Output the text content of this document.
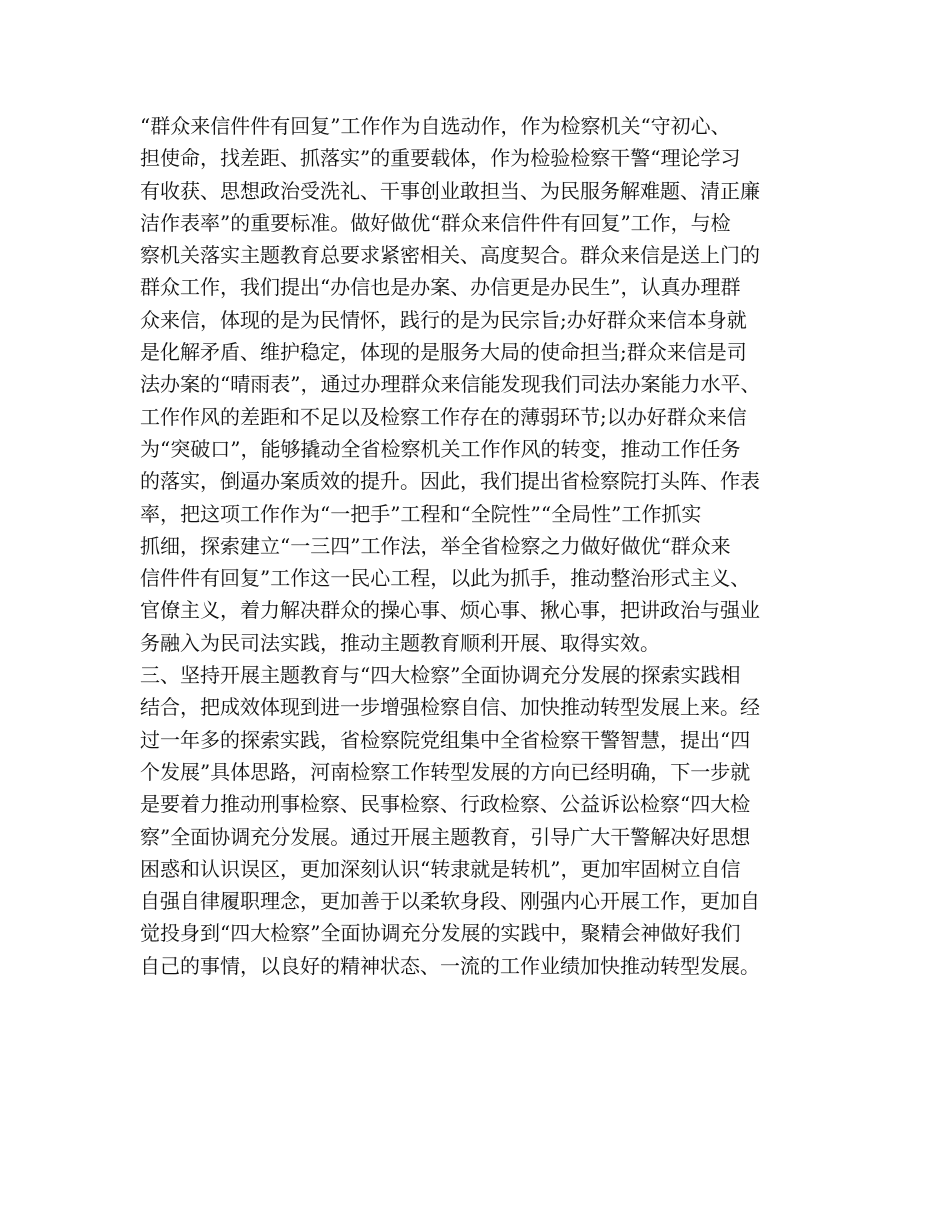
“群众来信件件有回复”工作作为自选动作，作为检察机关“守初心、
担使命，找差距、抓落实”的重要载体，作为检验检察干警“理论学习
有收获、思想政治受洗礼、干事创业敢担当、为民服务解难题、清正廉
洁作表率”的重要标准。做好做优“群众来信件件有回复”工作，与检
察机关落实主题教育总要求紧密相关、高度契合。群众来信是送上门的
群众工作，我们提出“办信也是办案、办信更是办民生”，认真办理群
众来信，体现的是为民情怀，践行的是为民宗旨;办好群众来信本身就
是化解矛盾、维护稳定，体现的是服务大局的使命担当;群众来信是司
法办案的“晴雨表”，通过办理群众来信能发现我们司法办案能力水平、
工作作风的差距和不足以及检察工作存在的薄弱环节;以办好群众来信
为“突破口”，能够撬动全省检察机关工作作风的转变，推动工作任务
的落实，倒逼办案质效的提升。因此，我们提出省检察院打头阵、作表
率，把这项工作作为“一把手”工程和“全院性”“全局性”工作抓实
抓细，探索建立“一三四”工作法，举全省检察之力做好做优“群众来
信件件有回复”工作这一民心工程，以此为抓手，推动整治形式主义、
官僚主义，着力解决群众的操心事、烦心事、揪心事，把讲政治与强业
务融入为民司法实践，推动主题教育顺利开展、取得实效。
三、坚持开展主题教育与“四大检察”全面协调充分发展的探索实践相
结合，把成效体现到进一步增强检察自信、加快推动转型发展上来。经
过一年多的探索实践，省检察院党组集中全省检察干警智慧，提出“四
个发展”具体思路，河南检察工作转型发展的方向已经明确，下一步就
是要着力推动刑事检察、民事检察、行政检察、公益诉讼检察“四大检
察”全面协调充分发展。通过开展主题教育，引导广大干警解决好思想
困惑和认识误区，更加深刻认识“转隶就是转机”，更加牢固树立自信
自强自律履职理念，更加善于以柔软身段、刚强内心开展工作，更加自
觉投身到“四大检察”全面协调充分发展的实践中，聚精会神做好我们
自己的事情，以良好的精神状态、一流的工作业绩加快推动转型发展。
